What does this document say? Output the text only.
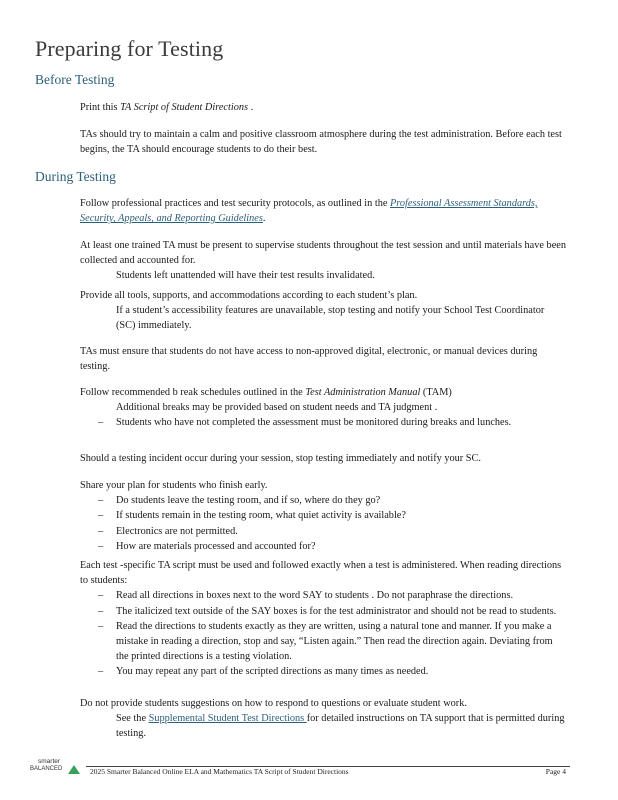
Preparing for Testing
Before Testing
Print this TA Script of Student Directions .
TAs should try to maintain a calm and positive classroom atmosphere during the test administration. Before each test begins, the TA should encourage students to do their best.
During Testing
Follow professional practices and test security protocols, as outlined in the Professional Assessment Standards, Security, Appeals, and Reporting Guidelines.
At least one trained TA must be present to supervise students throughout the test session and until materials have been collected and accounted for.
Students left unattended will have their test results invalidated.
Provide all tools, supports, and accommodations according to each student’s plan.
If a student’s accessibility features are unavailable, stop testing and notify your School Test Coordinator (SC) immediately.
TAs must ensure that students do not have access to non-approved digital, electronic, or manual devices during testing.
Follow recommended b reak schedules outlined in the Test Administration Manual (TAM)
Additional breaks may be provided based on student needs and TA judgment .
– Students who have not completed the assessment must be monitored during breaks and lunches.
Should a testing incident occur during your session, stop testing immediately and notify your SC.
Share your plan for students who finish early.
– Do students leave the testing room, and if so, where do they go?
– If students remain in the testing room, what quiet activity is available?
– Electronics are not permitted.
– How are materials processed and accounted for?
Each test -specific TA script must be used and followed exactly when a test is administered. When reading directions to students:
– Read all directions in boxes next to the word SAY to students . Do not paraphrase the directions.
– The italicized text outside of the SAY boxes is for the test administrator and should not be read to students.
– Read the directions to students exactly as they are written, using a natural tone and manner. If you make a mistake in reading a direction, stop and say, “Listen again.” Then read the direction again. Deviating from the printed directions is a testing violation.
– You may repeat any part of the scripted directions as many times as needed.
Do not provide students suggestions on how to respond to questions or evaluate student work.
See the Supplemental Student Test Directions for detailed instructions on TA support that is permitted during testing.
smarter
BALANCED	2025 Smarter Balanced Online ELA and Mathematics TA Script of Student Directions	Page 4
